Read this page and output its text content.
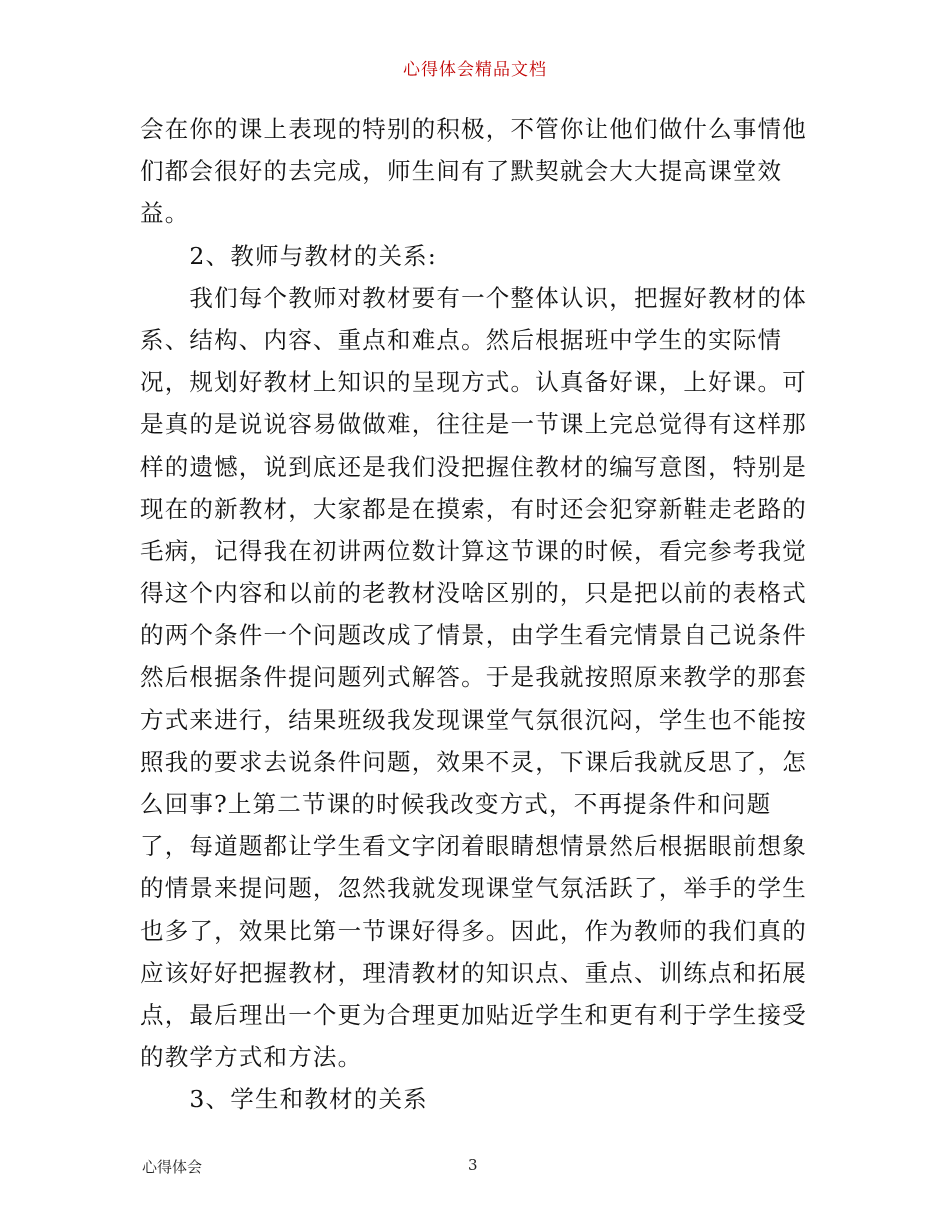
心得体会精品文档
会在你的课上表现的特别的积极，不管你让他们做什么事情他
们都会很好的去完成，师生间有了默契就会大大提高课堂效
益。
　　2、教师与教材的关系:
　　我们每个教师对教材要有一个整体认识，把握好教材的体
系、结构、内容、重点和难点。然后根据班中学生的实际情
况，规划好教材上知识的呈现方式。认真备好课，上好课。可
是真的是说说容易做做难，往往是一节课上完总觉得有这样那
样的遗憾，说到底还是我们没把握住教材的编写意图，特别是
现在的新教材，大家都是在摸索，有时还会犯穿新鞋走老路的
毛病，记得我在初讲两位数计算这节课的时候，看完参考我觉
得这个内容和以前的老教材没啥区别的，只是把以前的表格式
的两个条件一个问题改成了情景，由学生看完情景自己说条件
然后根据条件提问题列式解答。于是我就按照原来教学的那套
方式来进行，结果班级我发现课堂气氛很沉闷，学生也不能按
照我的要求去说条件问题，效果不灵，下课后我就反思了，怎
么回事?上第二节课的时候我改变方式，不再提条件和问题
了，每道题都让学生看文字闭着眼睛想情景然后根据眼前想象
的情景来提问题，忽然我就发现课堂气氛活跃了，举手的学生
也多了，效果比第一节课好得多。因此，作为教师的我们真的
应该好好把握教材，理清教材的知识点、重点、训练点和拓展
点，最后理出一个更为合理更加贴近学生和更有利于学生接受
的教学方式和方法。
　　3、学生和教材的关系
心得体会	3
